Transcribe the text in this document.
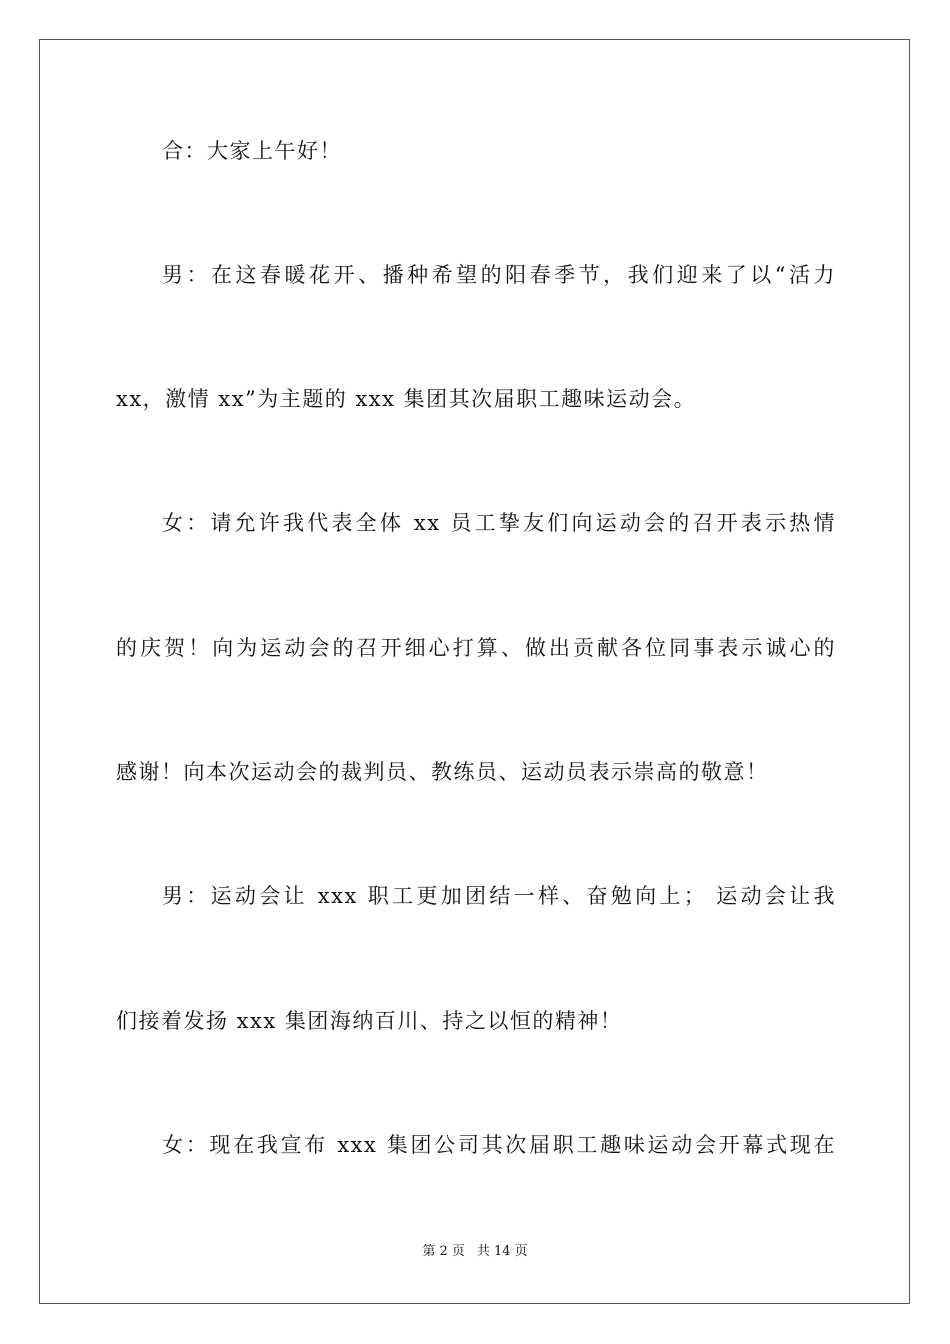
合：大家上午好！
男：在这春暖花开、播种希望的阳春季节，我们迎来了以“活力
xx，激情 xx”为主题的 xxx 集团其次届职工趣味运动会。
女：请允许我代表全体 xx 员工挚友们向运动会的召开表示热情
的庆贺！向为运动会的召开细心打算、做出贡献各位同事表示诚心的
感谢！向本次运动会的裁判员、教练员、运动员表示崇高的敬意！
男：运动会让 xxx 职工更加团结一样、奋勉向上； 运动会让我
们接着发扬 xxx 集团海纳百川、持之以恒的精神！
女：现在我宣布 xxx 集团公司其次届职工趣味运动会开幕式现在
第 2 页 共 14 页
